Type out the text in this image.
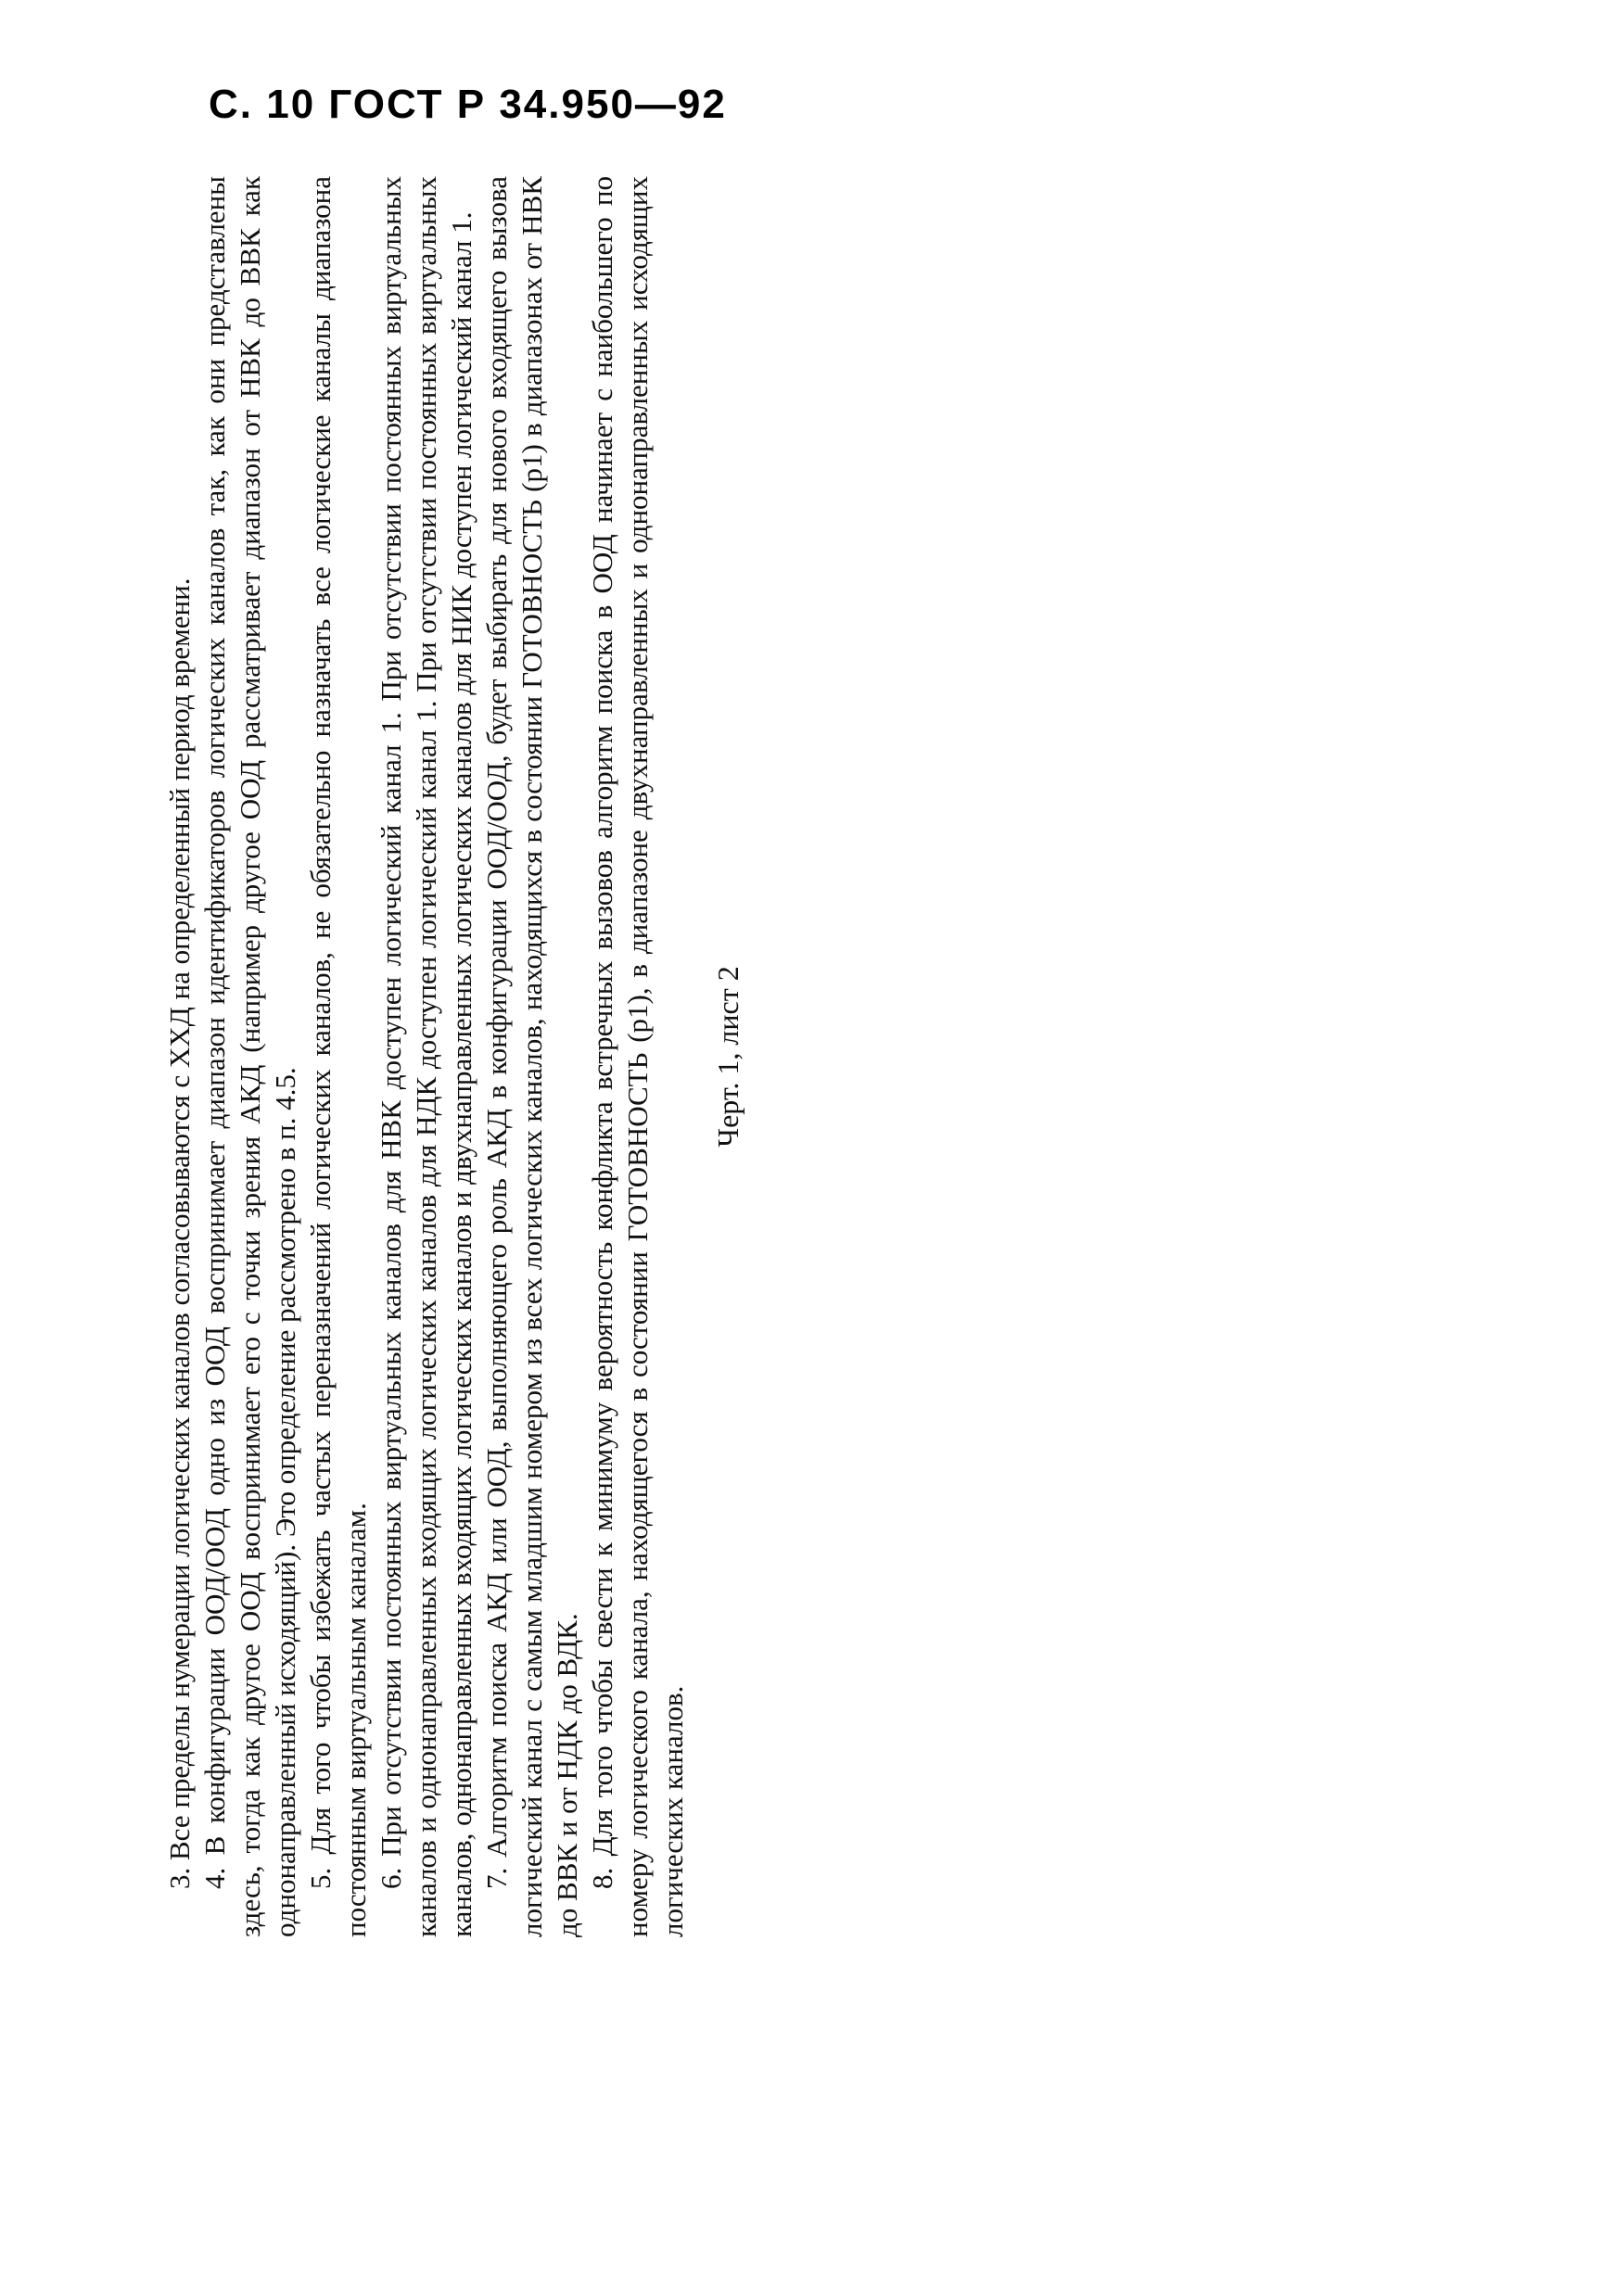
С. 10 ГОСТ Р 34.950—92

3. Все пределы нумерации логических каналов согласовываются с ХХД на определенный период времени. 4. В конфигурации ООД/ООД одно из ООД воспринимает диапазон идентификаторов логических каналов так, как они представлены здесь, тогда как другое ООД воспринимает его с точки зрения АКД (например другое ООД рассматривает диапазон от НВК до ВВК как однонаправленный исходящий). Это определение рассмотрено в п. 4.5. 5. Для того чтобы избежать частых переназначений логических каналов, не обязательно назначать все логические каналы диапазона постоянным виртуальным каналам. 6. При отсутствии постоянных виртуальных каналов для НВК доступен логический канал 1. При отсутствии постоянных виртуальных каналов и однонаправленных входящих логических каналов для НДК доступен логический канал 1. При отсутствии постоянных виртуальных каналов, однонаправленных входящих логических каналов и двухнаправленных логических каналов для НИК доступен логический канал 1. 7. Алгоритм поиска АКД или ООД, выполняющего роль АКД в конфигурации ООД/ООД, будет выбирать для нового входящего вызова логический канал с самым младшим номером из всех логических каналов, находящихся в состоянии ГОТОВНОСТЬ (p1) в диапазонах от НВК до ВВК и от НДК до ВДК. 8. Для того чтобы свести к минимуму вероятность конфликта встречных вызовов алгоритм поиска в ООД начинает с наибольшего по номеру логического канала, находящегося в состоянии ГОТОВНОСТЬ (p1), в диапазоне двухнаправленных и однонаправленных исходящих логических каналов.

Черт. 1, лист 2
